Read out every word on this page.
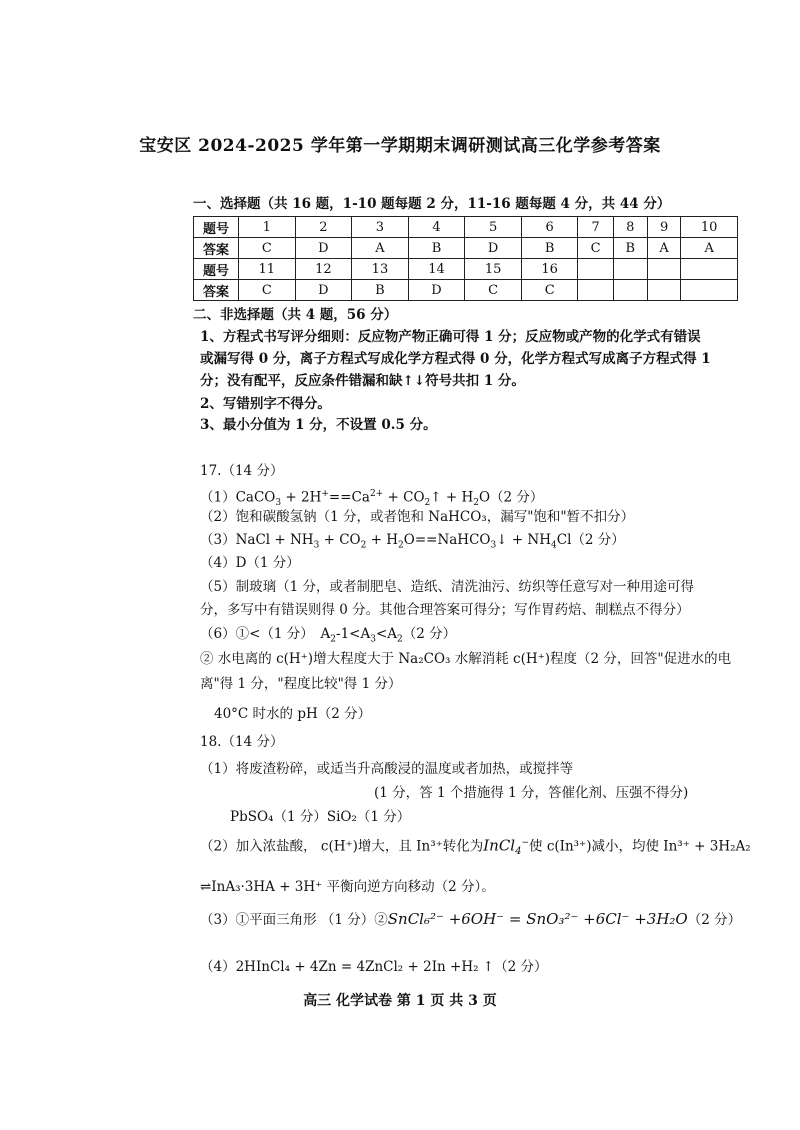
宝安区 2024-2025 学年第一学期期末调研测试高三化学参考答案
一、选择题（共 16 题，1-10 题每题 2 分，11-16 题每题 4 分，共 44 分）
题号	1	2	3	4	5	6	7	8	9	10
答案	C	D	A	B	D	B	C	B	A	A
题号	11	12	13	14	15	16				
答案	C	D	B	D	C	C				
二、非选择题（共 4 题，56 分）
1、方程式书写评分细则：反应物产物正确可得 1 分；反应物或产物的化学式有错误
或漏写得 0 分，离子方程式写成化学方程式得 0 分，化学方程式写成离子方程式得 1
分；没有配平，反应条件错漏和缺↑↓符号共扣 1 分。
2、写错别字不得分。
3、最小分值为 1 分，不设置 0.5 分。
17.（14 分）
（1）CaCO$_3$ + $2H^+==Ca^{2+}$ + $CO_2↑ + H_2O(2$ 分）
（2）饱和碳酸氢钠（1 分，或者饱和 NaHCO₃，漏写"饱和"暂不扣分）
（3）NaCl + $NH_3 + CO_2$ + $H_2O==NaHCO_3↓ + NH_4Cl(2$ 分）
（4）D（1 分）
（5）制玻璃（1 分，或者制肥皂、造纸、清洗油污、纺织等任意写对一种用途可得
分，多写中有错误则得 0 分。其他合理答案可得分；写作胃药焙、制糕点不得分）
（6）①<（1 分）　$A_2-1<A_3<A_2(2$ 分）
② 水电离的 c(H⁺)增大程度大于 Na₂CO₃ 水解消耗 c(H⁺)程度（2 分，回答"促进水的电
离"得 1 分，"程度比较"得 1 分）
40°C 时水的 pH（2 分）
18.（14 分）
（1）将废渣粉碎，或适当升高酸浸的温度或者加热，或搅拌等
(1 分，答 1 个措施得 1 分，答催化剂、压强不得分)
PbSO₄（1 分）SiO₂（1 分）
（2）加入浓盐酸， c(H⁺)增大，且 In³⁺转化为InCl$_4$−使 c(In³⁺)减小，均使 In³⁺ + 3H₂A₂
⇌InA₃·3HA + 3H⁺ 平衡向逆方向移动（2 分）。
（3）①平面三角形 （1 分）②SnCl₆²⁻ +6OH⁻ = SnO₃²⁻ +6Cl⁻ +3H₂O（2 分）
（4）2HInCl₄ + 4Zn = 4ZnCl₂ + 2In +H₂ ↑（2 分）
高三 化学试卷 第 1 页 共 3 页
